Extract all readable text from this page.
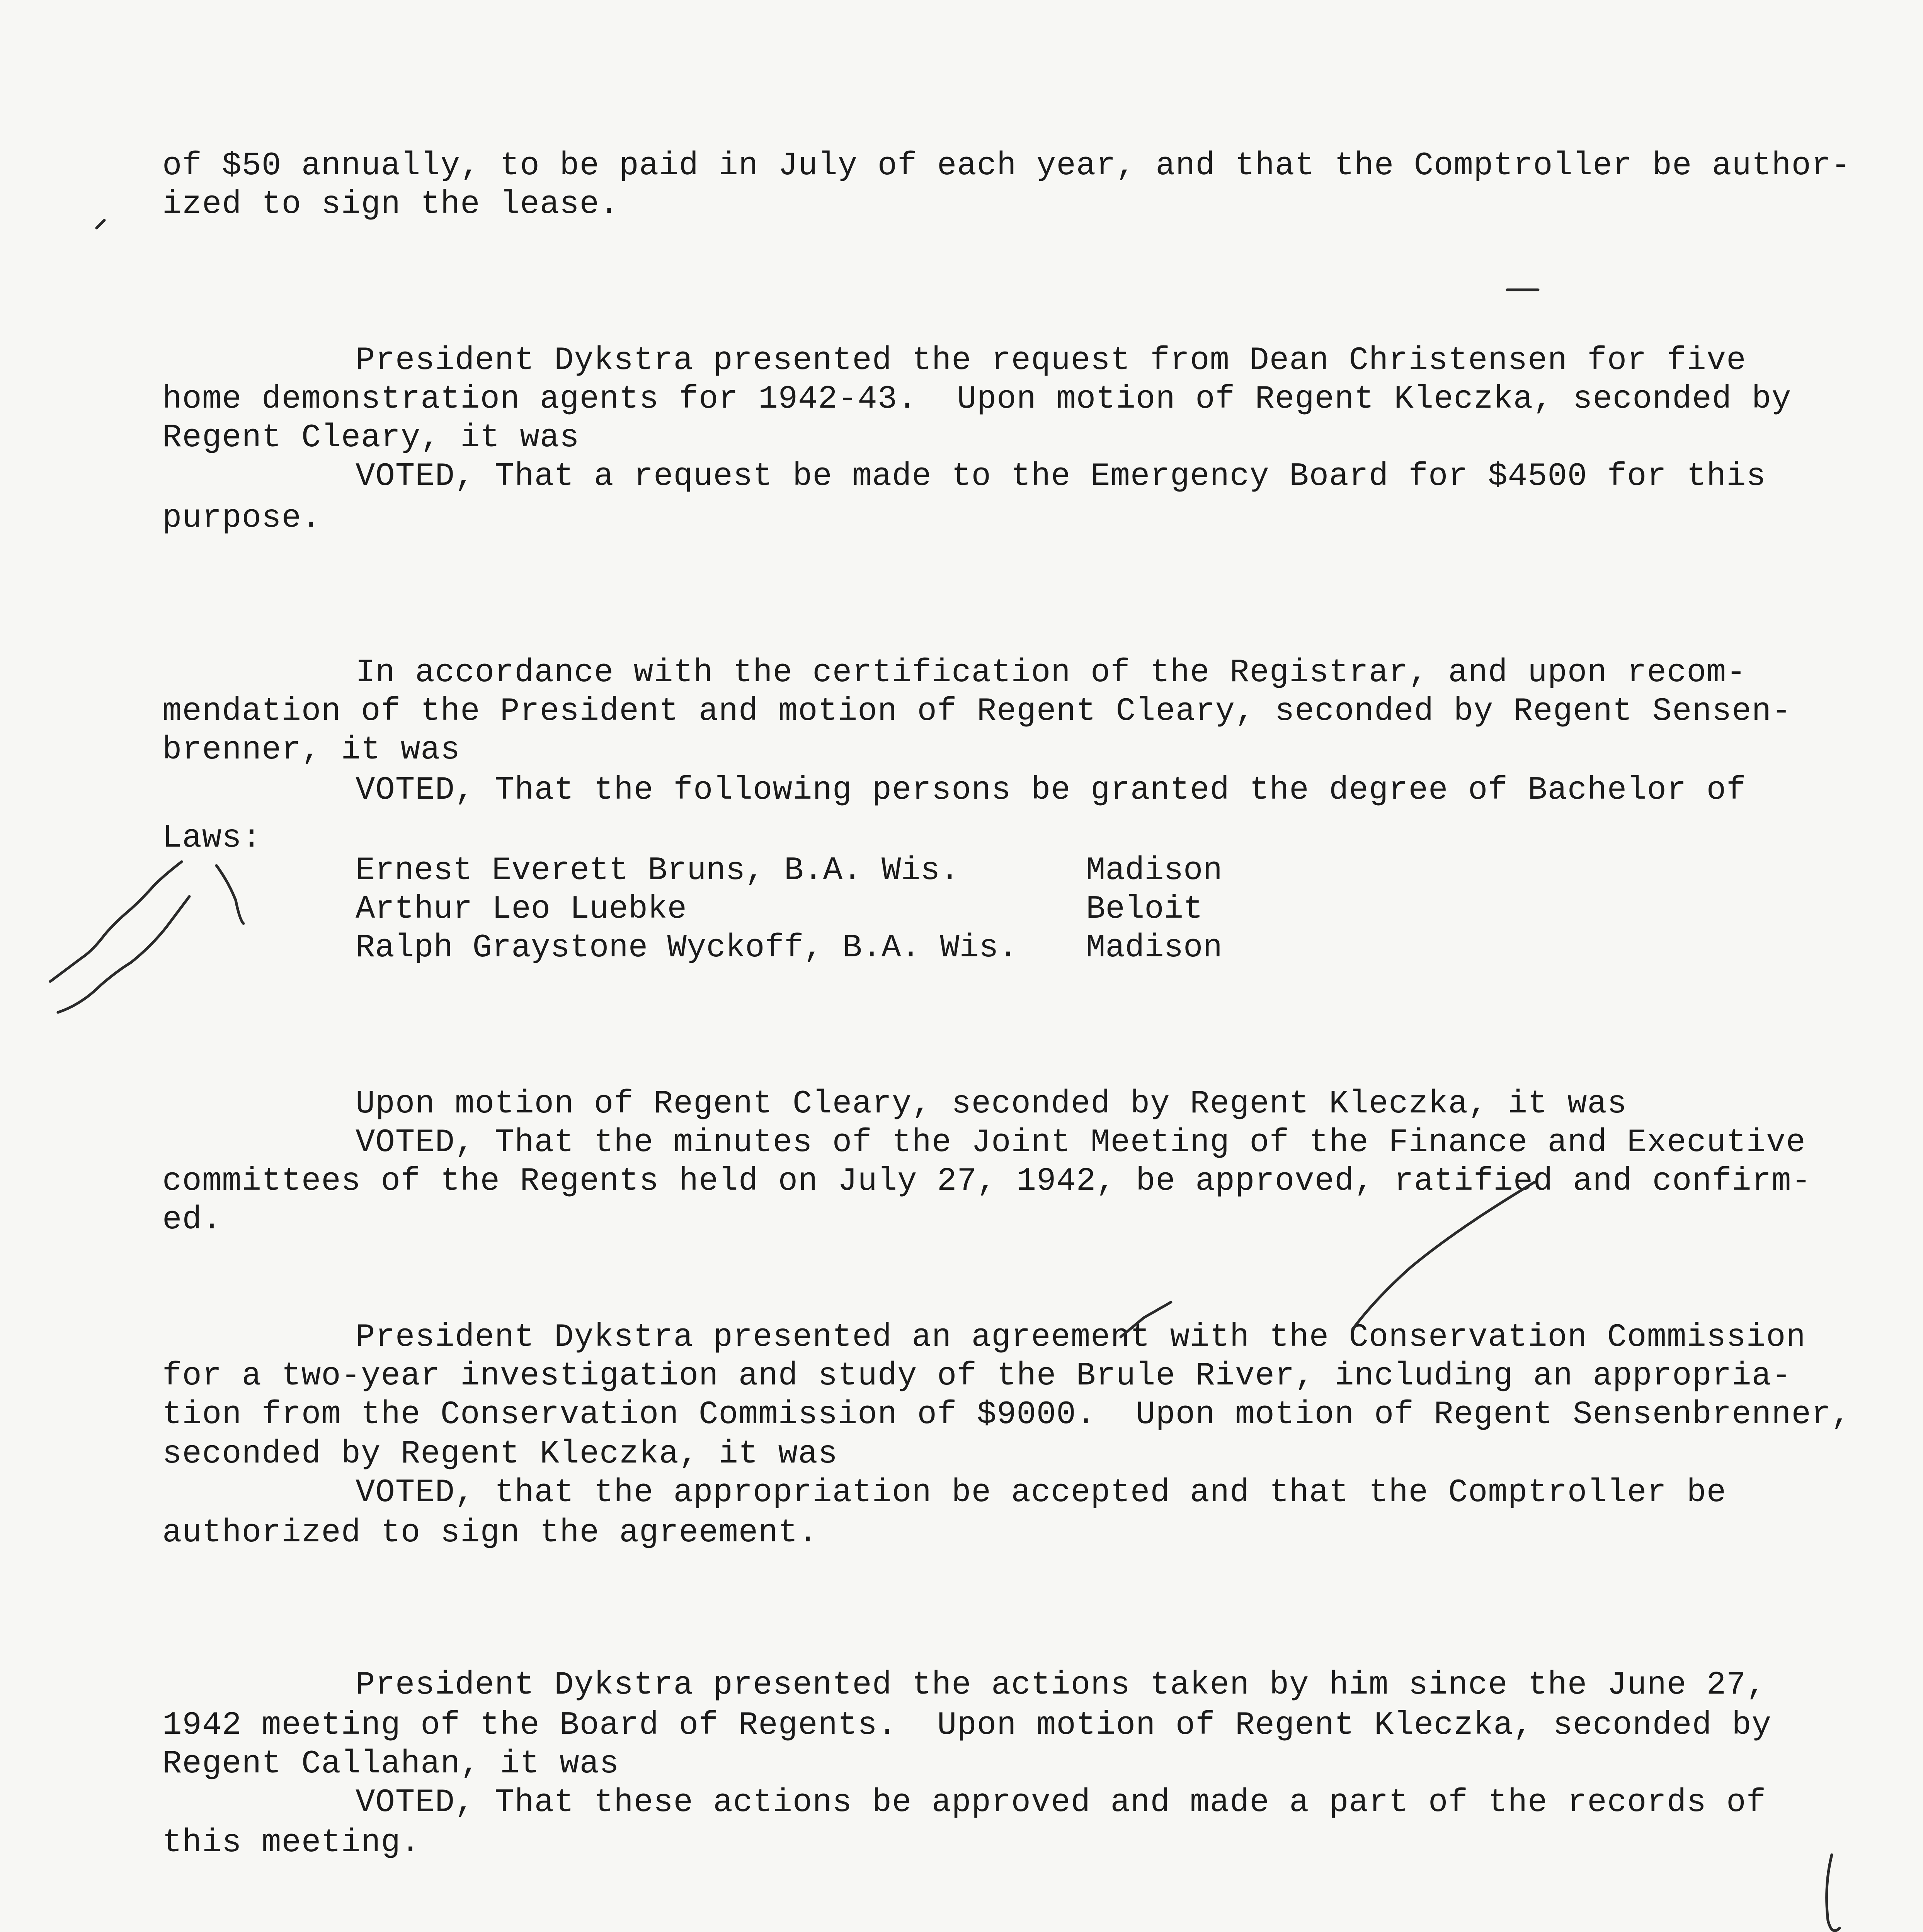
of $50 annually, to be paid in July of each year, and that the Comptroller be author-
ized to sign the lease.
President Dykstra presented the request from Dean Christensen for five
home demonstration agents for 1942-43.  Upon motion of Regent Kleczka, seconded by
Regent Cleary, it was
VOTED, That a request be made to the Emergency Board for $4500 for this
purpose.
In accordance with the certification of the Registrar, and upon recom-
mendation of the President and motion of Regent Cleary, seconded by Regent Sensen-
brenner, it was
VOTED, That the following persons be granted the degree of Bachelor of
Laws:
Ernest Everett Bruns, B.A. Wis.	Madison
Arthur Leo Luebke	Beloit
Ralph Graystone Wyckoff, B.A. Wis. Madison
Upon motion of Regent Cleary, seconded by Regent Kleczka, it was
VOTED, That the minutes of the Joint Meeting of the Finance and Executive
committees of the Regents held on July 27, 1942, be approved, ratified and confirm-
ed.
President Dykstra presented an agreement with the Conservation Commission
for a two-year investigation and study of the Brule River, including an appropria-
tion from the Conservation Commission of $9000.  Upon motion of Regent Sensenbrenner,
seconded by Regent Kleczka, it was
VOTED, that the appropriation be accepted and that the Comptroller be
authorized to sign the agreement.
President Dykstra presented the actions taken by him since the June 27,
1942 meeting of the Board of Regents.  Upon motion of Regent Kleczka, seconded by
Regent Callahan, it was
VOTED, That these actions be approved and made a part of the records of
this meeting.
